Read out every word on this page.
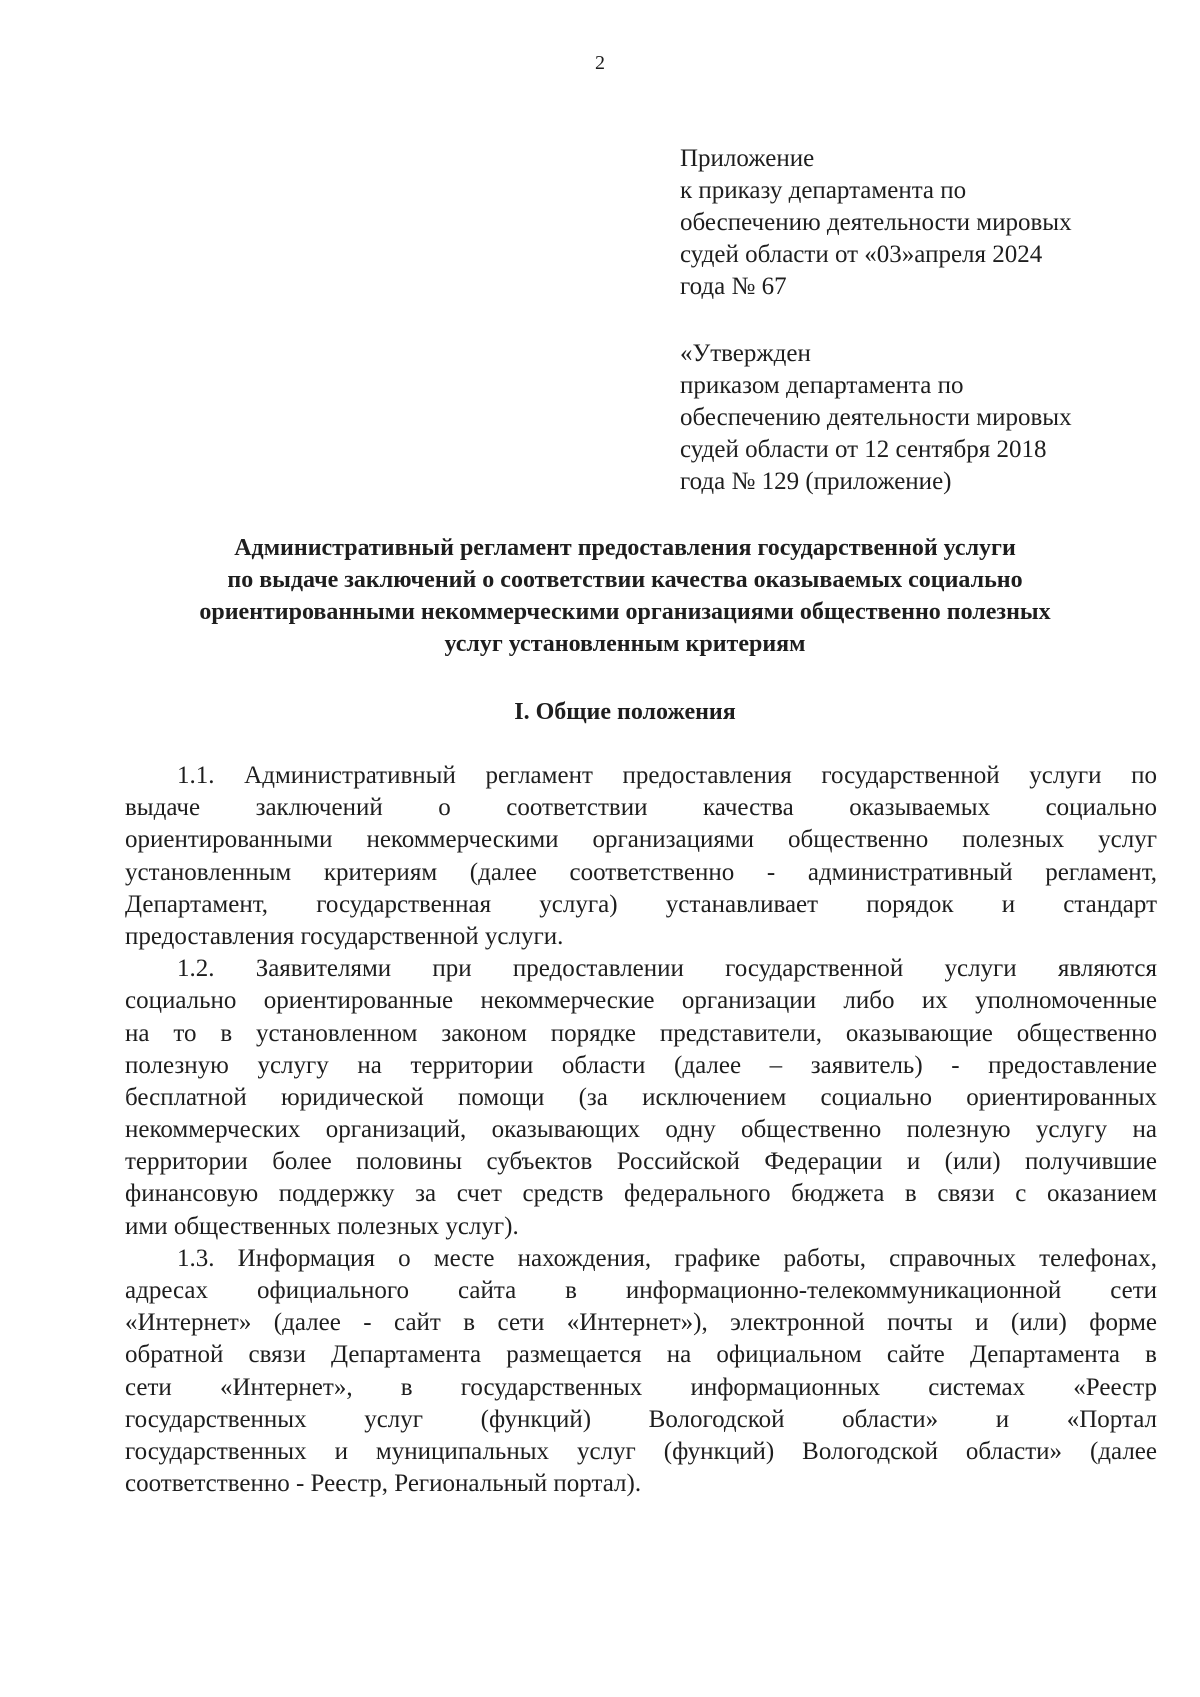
2
Приложение
к приказу департамента по
обеспечению деятельности мировых
судей области от «03»апреля 2024
года № 67
«Утвержден
приказом департамента по
обеспечению деятельности мировых
судей области от 12 сентября 2018
года № 129 (приложение)
Административный регламент предоставления государственной услуги
по выдаче заключений о соответствии качества оказываемых социально
ориентированными некоммерческими организациями общественно полезных
услуг установленным критериям
I. Общие положения
1.1. Административный регламент предоставления государственной услуги по
выдаче заключений о соответствии качества оказываемых социально
ориентированными некоммерческими организациями общественно полезных услуг
установленным критериям (далее соответственно - административный регламент,
Департамент, государственная услуга) устанавливает порядок и стандарт
предоставления государственной услуги.
1.2. Заявителями при предоставлении государственной услуги являются
социально ориентированные некоммерческие организации либо их уполномоченные
на то в установленном законом порядке представители, оказывающие общественно
полезную услугу на территории области (далее – заявитель) - предоставление
бесплатной юридической помощи (за исключением социально ориентированных
некоммерческих организаций, оказывающих одну общественно полезную услугу на
территории более половины субъектов Российской Федерации и (или) получившие
финансовую поддержку за счет средств федерального бюджета в связи с оказанием
ими общественных полезных услуг).
1.3. Информация о месте нахождения, графике работы, справочных телефонах,
адресах официального сайта в информационно-телекоммуникационной сети
«Интернет» (далее - сайт в сети «Интернет»), электронной почты и (или) форме
обратной связи Департамента размещается на официальном сайте Департамента в
сети «Интернет», в государственных информационных системах «Реестр
государственных услуг (функций) Вологодской области» и «Портал
государственных и муниципальных услуг (функций) Вологодской области» (далее
соответственно - Реестр, Региональный портал).
